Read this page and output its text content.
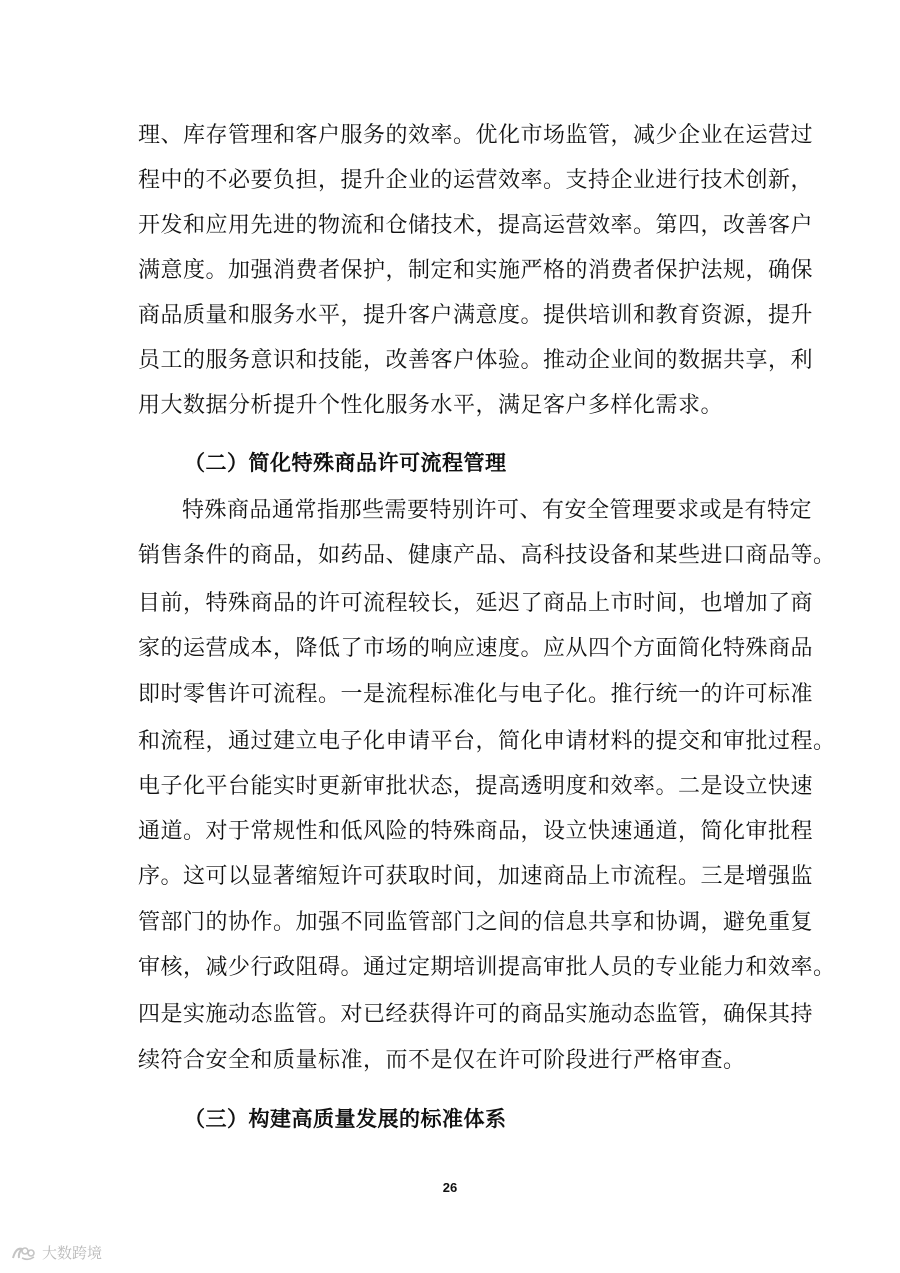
理、库存管理和客户服务的效率。优化市场监管，减少企业在运营过
程中的不必要负担，提升企业的运营效率。支持企业进行技术创新，
开发和应用先进的物流和仓储技术，提高运营效率。第四，改善客户
满意度。加强消费者保护，制定和实施严格的消费者保护法规，确保
商品质量和服务水平，提升客户满意度。提供培训和教育资源，提升
员工的服务意识和技能，改善客户体验。推动企业间的数据共享，利
用大数据分析提升个性化服务水平，满足客户多样化需求。
（二）简化特殊商品许可流程管理
特殊商品通常指那些需要特别许可、有安全管理要求或是有特定
销售条件的商品，如药品、健康产品、高科技设备和某些进口商品等。
目前，特殊商品的许可流程较长，延迟了商品上市时间，也增加了商
家的运营成本，降低了市场的响应速度。应从四个方面简化特殊商品
即时零售许可流程。一是流程标准化与电子化。推行统一的许可标准
和流程，通过建立电子化申请平台，简化申请材料的提交和审批过程。
电子化平台能实时更新审批状态，提高透明度和效率。二是设立快速
通道。对于常规性和低风险的特殊商品，设立快速通道，简化审批程
序。这可以显著缩短许可获取时间，加速商品上市流程。三是增强监
管部门的协作。加强不同监管部门之间的信息共享和协调，避免重复
审核，减少行政阻碍。通过定期培训提高审批人员的专业能力和效率。
四是实施动态监管。对已经获得许可的商品实施动态监管，确保其持
续符合安全和质量标准，而不是仅在许可阶段进行严格审查。
（三）构建高质量发展的标准体系
26
大数跨境
